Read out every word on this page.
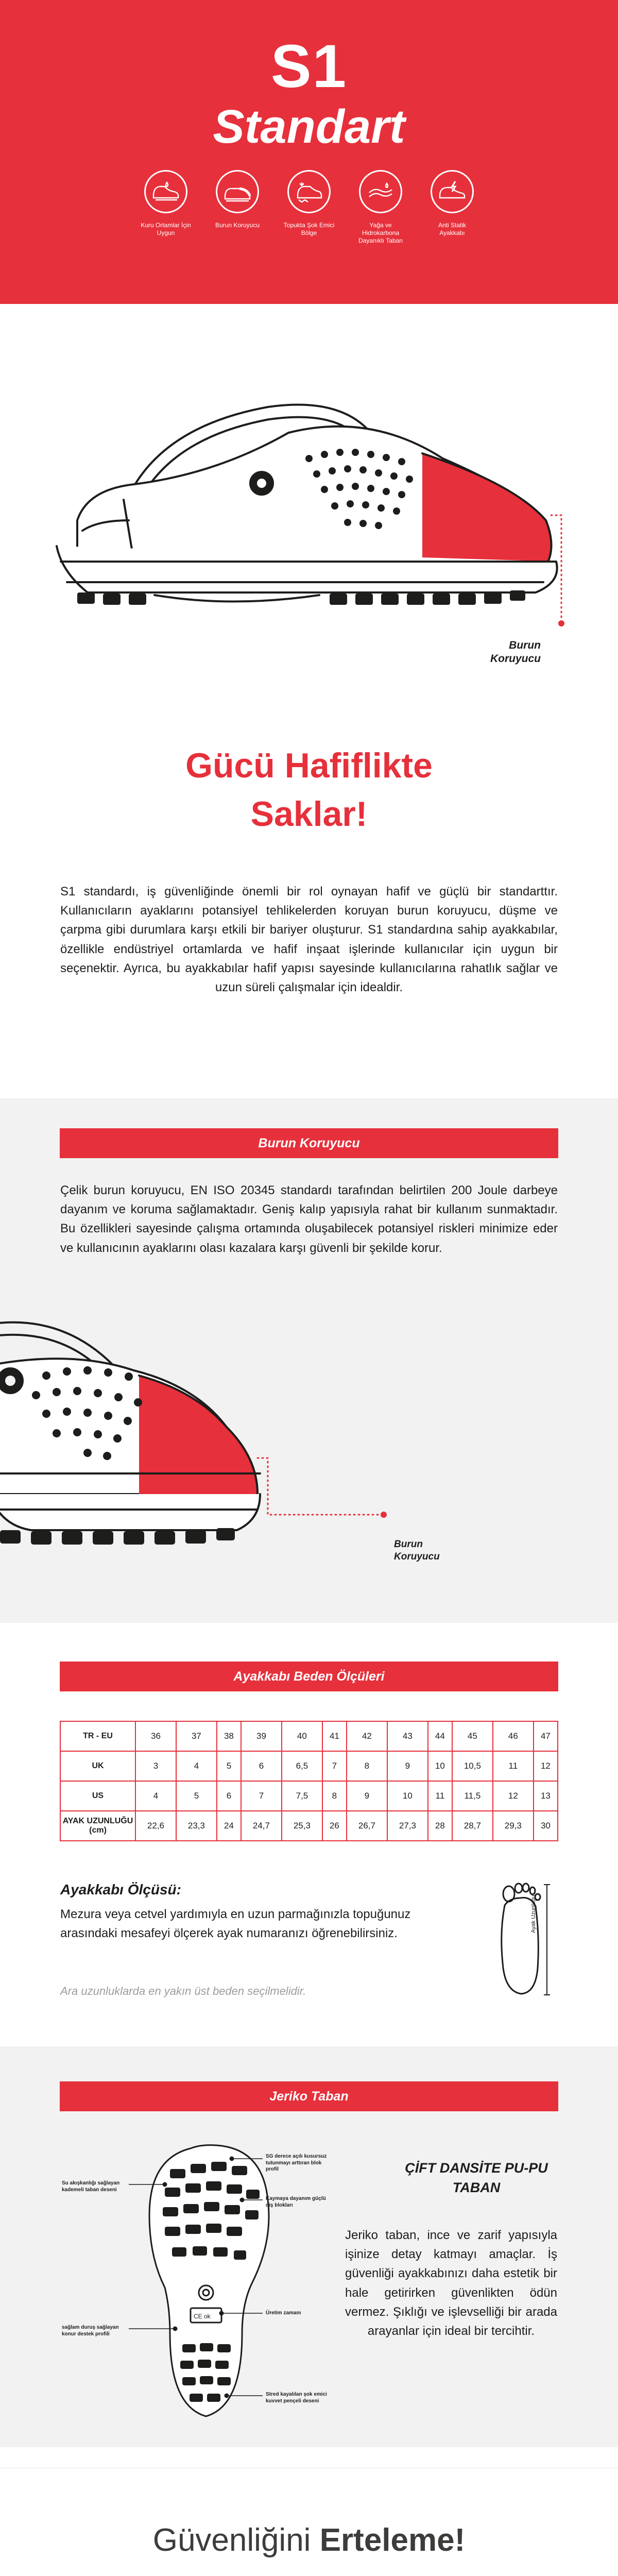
S1
Standart
Kuru Ortamlar İçin Uygun
Burun Koruyucu	Topukta Şok Emici Bölge
Yağa ve Hidrokarbona Dayanıklı Taban
Anti Statik Ayakkabı
Burun
Koruyucu
Gücü Hafiflikte
Saklar!

S1 standardı, iş güvenliğinde önemli bir rol oynayan hafif ve güçlü bir standarttır. Kullanıcıların ayaklarını potansiyel tehlikelerden koruyan burun koruyucu, düşme ve çarpma gibi durumlara karşı etkili bir bariyer oluşturur. S1 standardına sahip ayakkabılar, özellikle endüstriyel ortamlarda ve hafif inşaat işlerinde kullanıcılar için uygun bir seçenektir. Ayrıca, bu ayakkabılar hafif yapısı sayesinde kullanıcılarına rahatlık sağlar ve uzun süreli çalışmalar için idealdir.

Burun Koruyucu

Çelik burun koruyucu, EN ISO 20345 standardı tarafından belirtilen 200 Joule darbeye dayanım ve koruma sağlamaktadır. Geniş kalıp yapısıyla rahat bir kullanım sunmaktadır. Bu özellikleri sayesinde çalışma ortamında oluşabilecek potansiyel riskleri minimize eder ve kullanıcının ayaklarını olası kazalara karşı güvenli bir şekilde korur.

Burun
Koruyucu
Ayakkabı Beden Ölçüleri
TR - EU	36	37	38	39	40	41	42	43	44	45	46	47
UK	3	4	5	6	6,5	7	8	9	10	10,5	11	12
US	4	5	6	7	7,5	8	9	10	11	11,5	12	13
AYAK UZUNLUĞU (cm)	22,6	23,3	24	24,7	25,3	26	26,7	27,3	28	28,7	29,3	30
Ayakkabı Ölçüsü:

Mezura veya cetvel yardımıyla en uzun parmağınızla topuğunuz arasındaki mesafeyi ölçerek ayak numaranızı öğrenebilirsiniz.

Ara uzunluklarda en yakın üst beden seçilmelidir.
Ayak Uzunluğu
Jeriko Taban
ÇİFT DANSİTE PU-PU
TABAN

Jeriko taban, ince ve zarif yapısıyla işinize detay katmayı amaçlar. İş güvenliği ayakkabınızı daha estetik bir hale getirirken güvenlikten ödün vermez. Şıklığı ve işlevselliği bir arada arayanlar için ideal bir tercihtir.

CE ok
Su akışkanlığı sağlayan kademeli taban deseni
sağlam duruş sağlayan konur destek profili
SG derece açılı kusursuz tutunmayı arttıran blok profil
Kaymaya dayanım güçlü diş blokları
Üretim zamanı
Stred kayalılan şok emici kuvvet pençeli deseni
Güvenliğini Erteleme!
